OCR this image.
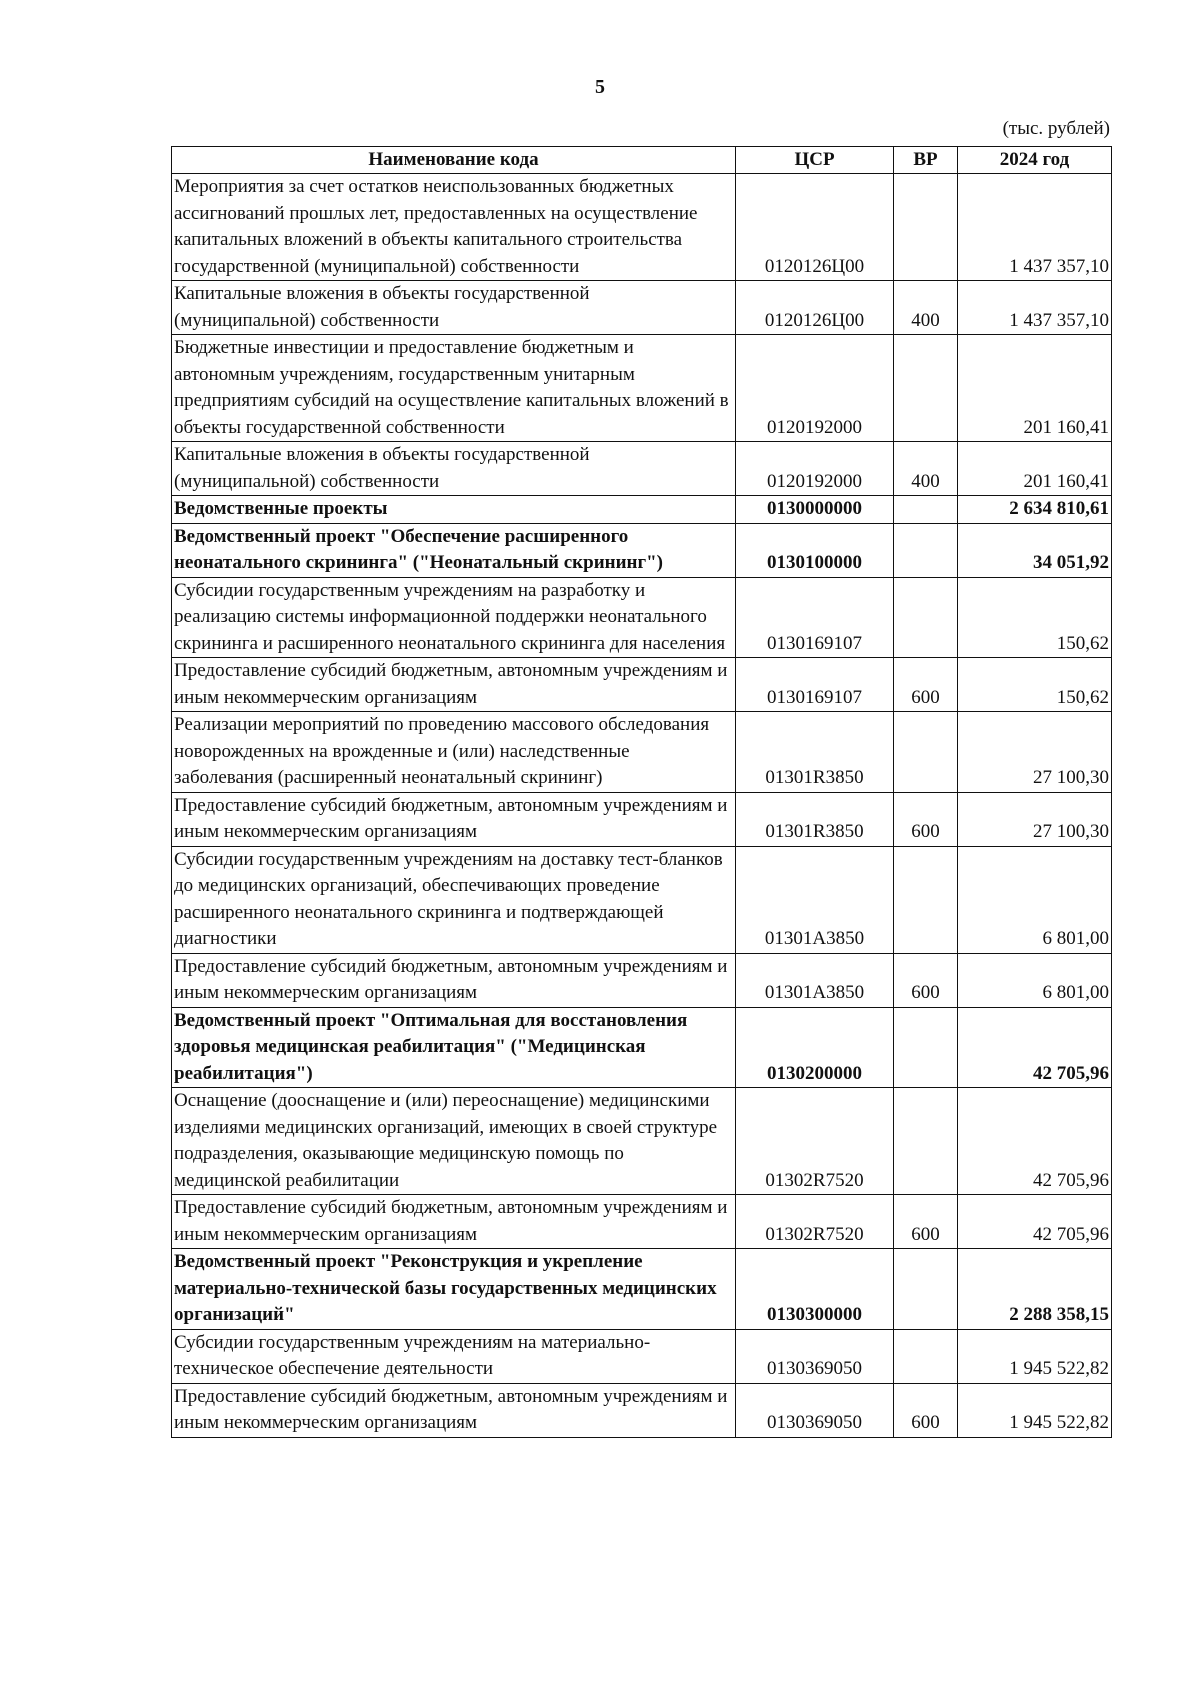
5
(тыс. рублей)
Наименование кода	ЦСР	ВР	2024 год
Мероприятия за счет остатков неиспользованных бюджетных ассигнований прошлых лет, предоставленных на осуществление капитальных вложений в объекты капитального строительства государственной (муниципальной) собственности	0120126Ц00		1 437 357,10
Капитальные вложения в объекты государственной (муниципальной) собственности	0120126Ц00	400	1 437 357,10
Бюджетные инвестиции и предоставление бюджетным и автономным учреждениям, государственным унитарным предприятиям субсидий на осуществление капитальных вложений в объекты государственной собственности	0120192000		201 160,41
Капитальные вложения в объекты государственной (муниципальной) собственности	0120192000	400	201 160,41
Ведомственные проекты	0130000000		2 634 810,61
Ведомственный проект "Обеспечение расширенного неонатального скрининга" ("Неонатальный скрининг")	0130100000		34 051,92
Субсидии государственным учреждениям на разработку и реализацию системы информационной поддержки неонатального скрининга и расширенного неонатального скрининга для населения	0130169107		150,62
Предоставление субсидий бюджетным, автономным учреждениям и иным некоммерческим организациям	0130169107	600	150,62
Реализации мероприятий по проведению массового обследования новорожденных на врожденные и (или) наследственные заболевания (расширенный неонатальный скрининг)	01301R3850		27 100,30
Предоставление субсидий бюджетным, автономным учреждениям и иным некоммерческим организациям	01301R3850	600	27 100,30
Субсидии государственным учреждениям на доставку тест-бланков до медицинских организаций, обеспечивающих проведение расширенного неонатального скрининга и подтверждающей диагностики	01301A3850		6 801,00
Предоставление субсидий бюджетным, автономным учреждениям и иным некоммерческим организациям	01301A3850	600	6 801,00
Ведомственный проект "Оптимальная для восстановления здоровья медицинская реабилитация" ("Медицинская реабилитация")	0130200000		42 705,96
Оснащение (дооснащение и (или) переоснащение) медицинскими изделиями медицинских организаций, имеющих в своей структуре подразделения, оказывающие медицинскую помощь по медицинской реабилитации	01302R7520		42 705,96
Предоставление субсидий бюджетным, автономным учреждениям и иным некоммерческим организациям	01302R7520	600	42 705,96
Ведомственный проект "Реконструкция и укрепление материально-технической базы государственных медицинских организаций"	0130300000		2 288 358,15
Субсидии государственным учреждениям на материально-техническое обеспечение деятельности	0130369050		1 945 522,82
Предоставление субсидий бюджетным, автономным учреждениям и иным некоммерческим организациям	0130369050	600	1 945 522,82
